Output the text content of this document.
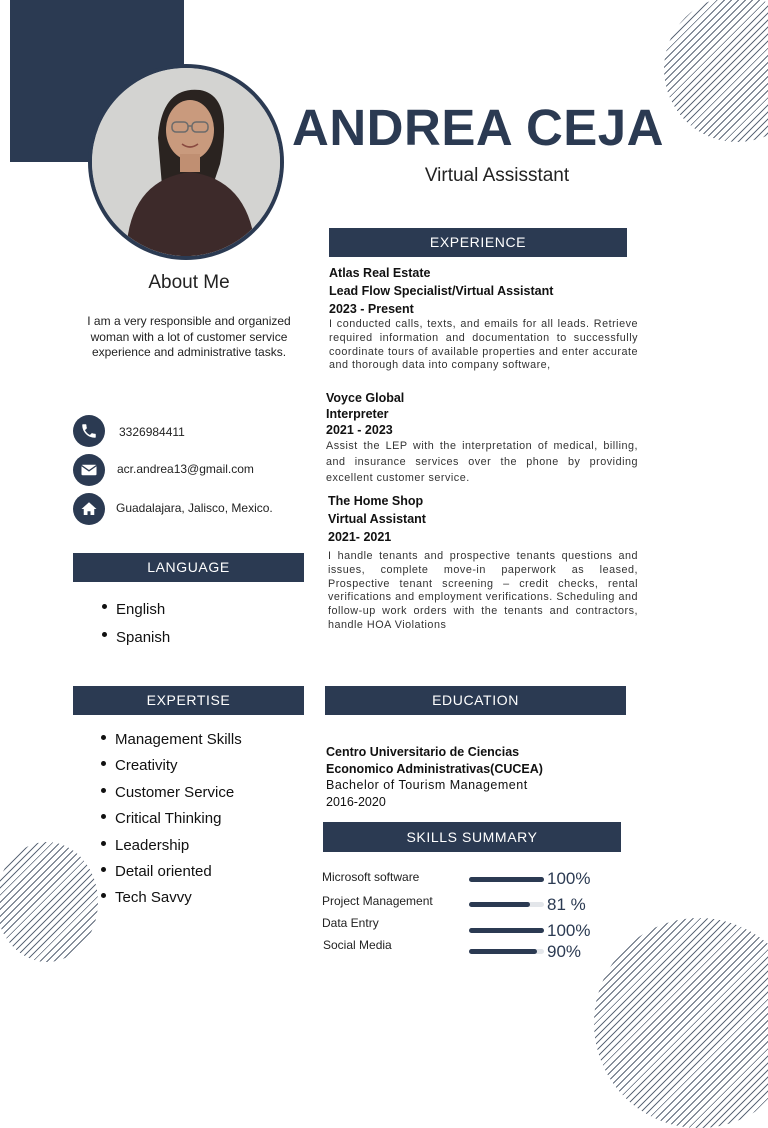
ANDREA CEJA
Virtual Assisstant
About Me
I am a very responsible and organized woman with a lot of customer service experience and administrative tasks.
3326984411
acr.andrea13@gmail.com
Guadalajara, Jalisco, Mexico.
LANGUAGE
English
Spanish
EXPERTISE
Management Skills
Creativity
Customer Service
Critical Thinking
Leadership
Detail oriented
Tech Savvy
EXPERIENCE
Atlas Real Estate
Lead Flow Specialist/Virtual Assistant
2023 - Present
I conducted calls, texts, and emails for all leads. Retrieve required information and documentation to successfully coordinate tours of available properties and enter accurate and thorough data into company software,
Voyce Global
Interpreter
2021 - 2023
Assist the LEP with the interpretation of medical, billing, and insurance services over the phone by providing excellent customer service.
The Home Shop
Virtual Assistant
2021- 2021
I handle tenants and prospective tenants questions and issues, complete move-in paperwork as leased, Prospective tenant screening – credit checks, rental verifications and employment verifications. Scheduling and follow-up work orders with the tenants and contractors, handle HOA Violations
EDUCATION
Centro Universitario de Ciencias
Economico Administrativas(CUCEA)
Bachelor of Tourism Management
2016-2020
SKILLS SUMMARY
Microsoft software	100%
Project Management	81 %
Data Entry	100%
Social Media	90%
